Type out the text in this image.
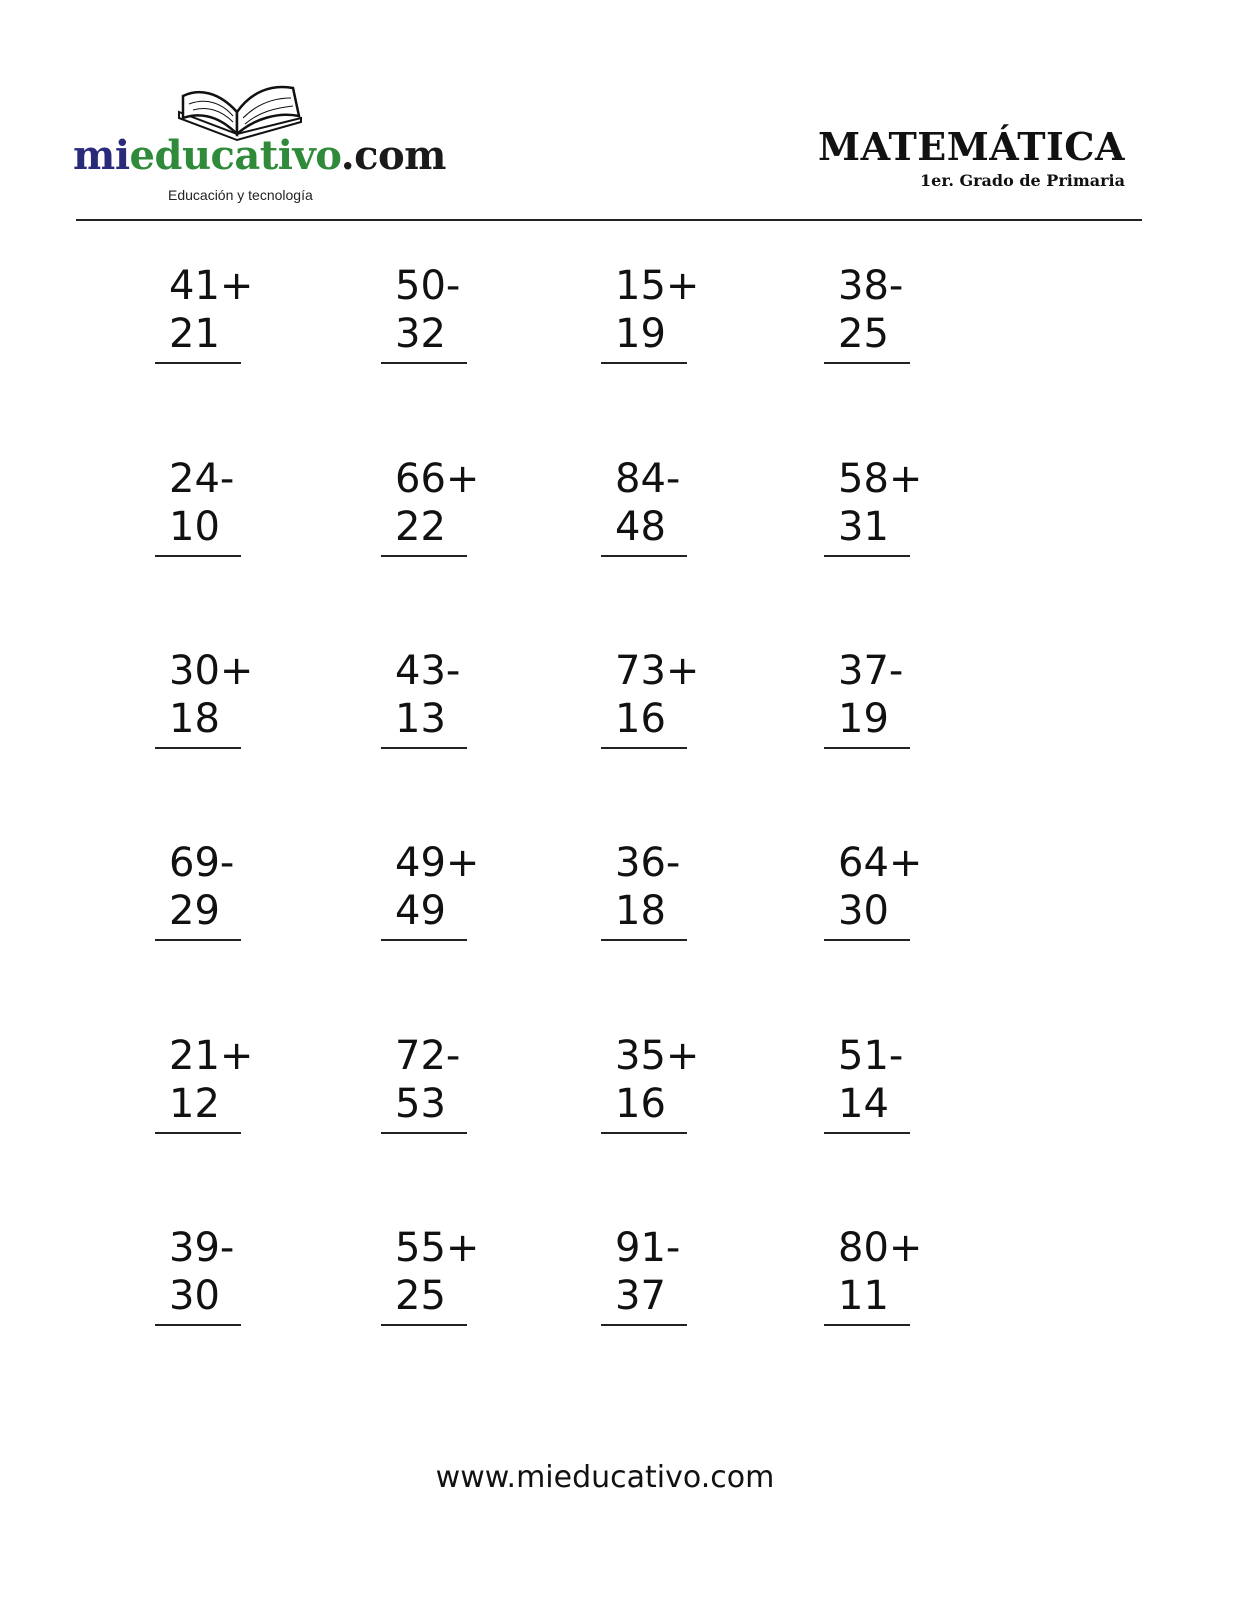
mieducativo.com
Educación y tecnología
MATEMÁTICA
1er. Grado de Primaria
41+
21
50-
32
15+
19
38-
25
24-
10
66+
22
84-
48
58+
31
30+
18
43-
13
73+
16
37-
19
69-
29
49+
49
36-
18
64+
30
21+
12
72-
53
35+
16
51-
14
39-
30
55+
25
91-
37
80+
11
www.mieducativo.com
